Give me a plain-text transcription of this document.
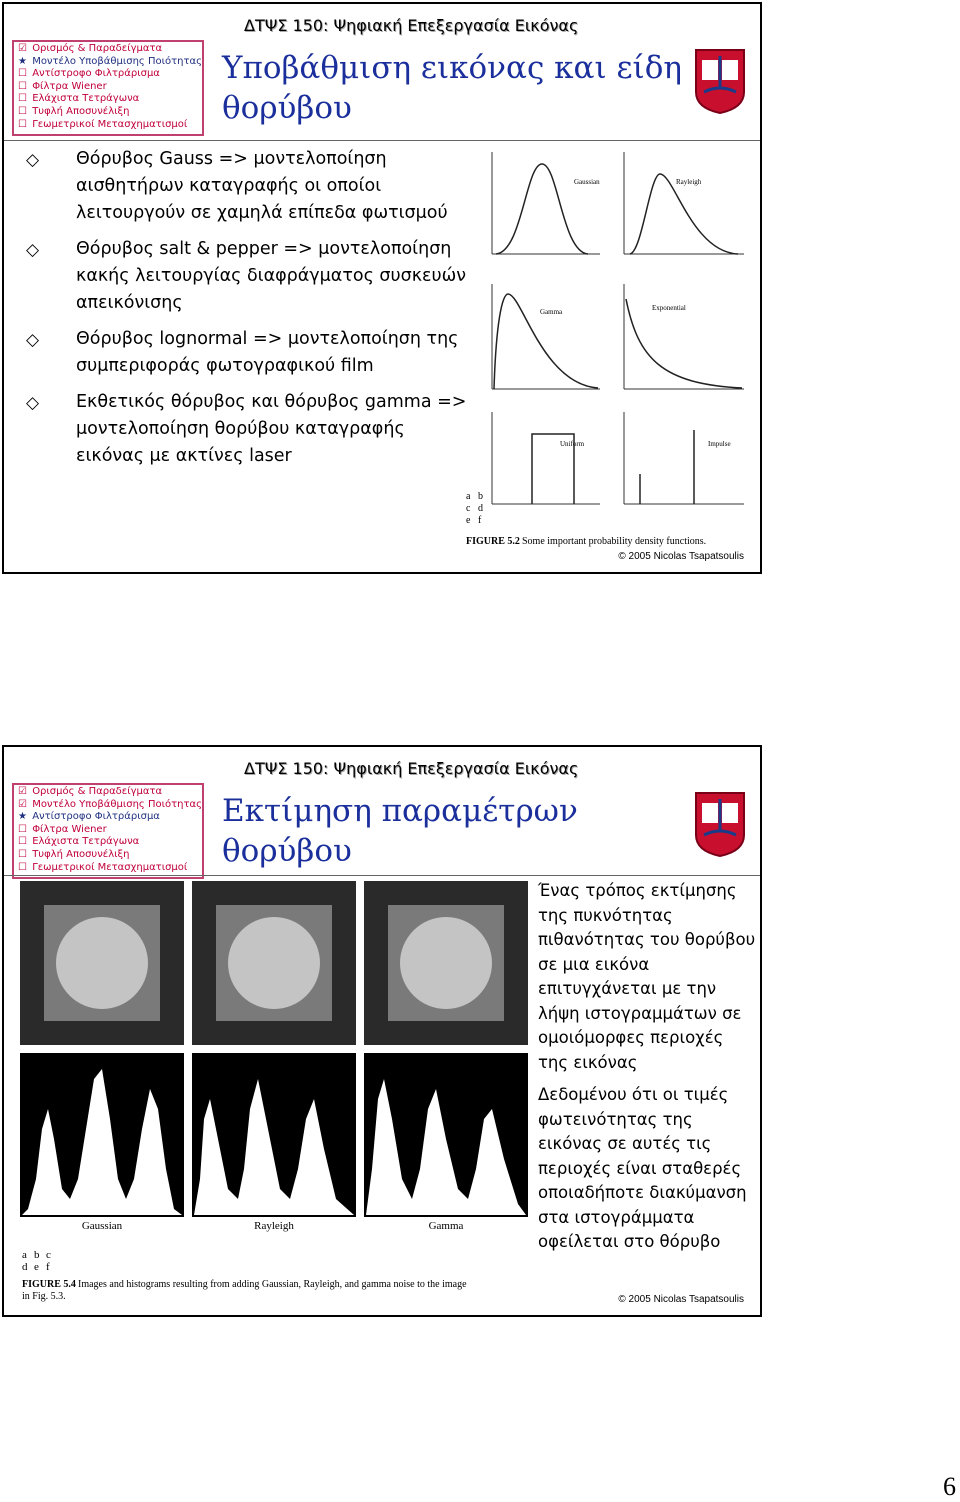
ΔΤΨΣ 150: Ψηφιακή Επεξεργασία Εικόνας
☑ Ορισμός & Παραδείγματα
★ Μοντέλο Υποβάθμισης Ποιότητας
☐ Αντίστροφο Φιλτράρισμα
☐ Φίλτρα Wiener
☐ Ελάχιστα Τετράγωνα
☐ Τυφλή Αποσυνέλιξη
☐ Γεωμετρικοί Μετασχηματισμοί
Υποβάθμιση εικόνας και είδη
θορύβου
◇ Θόρυβος Gauss => μοντελοποίηση αισθητήρων καταγραφής οι οποίοι λειτουργούν σε χαμηλά επίπεδα φωτισμού
◇ Θόρυβος salt & pepper => μοντελοποίηση κακής λειτουργίας διαφράγματος συσκευών απεικόνισης
◇ Θόρυβος lognormal => μοντελοποίηση της συμπεριφοράς φωτογραφικού film
◇ Εκθετικός θόρυβος και θόρυβος gamma => μοντελοποίηση θορύβου καταγραφής εικόνας με ακτίνες laser
Gaussian	Rayleigh
Gamma	Exponential
Uniform	Impulse
a b
c d
e f
FIGURE 5.2 Some important probability density functions.
© 2005 Nicolas Tsapatsoulis
ΔΤΨΣ 150: Ψηφιακή Επεξεργασία Εικόνας
☑ Ορισμός & Παραδείγματα
☑ Μοντέλο Υποβάθμισης Ποιότητας
★ Αντίστροφο Φιλτράρισμα
☐ Φίλτρα Wiener
☐ Ελάχιστα Τετράγωνα
☐ Τυφλή Αποσυνέλιξη
☐ Γεωμετρικοί Μετασχηματισμοί
Εκτίμηση παραμέτρων
θορύβου
Gaussian	Rayleigh	Gamma
a b c
d e f
FIGURE 5.4 Images and histograms resulting from adding Gaussian, Rayleigh, and gamma noise to the image
in Fig. 5.3.
Ένας τρόπος εκτίμησης της πυκνότητας πιθανότητας του θορύβου σε μια εικόνα επιτυγχάνεται με την λήψη ιστογραμμάτων σε ομοιόμορφες περιοχές της εικόνας
Δεδομένου ότι οι τιμές φωτεινότητας της εικόνας σε αυτές τις περιοχές είναι σταθερές οποιαδήποτε διακύμανση στα ιστογράμματα οφείλεται στο θόρυβο
© 2005 Nicolas Tsapatsoulis
6
